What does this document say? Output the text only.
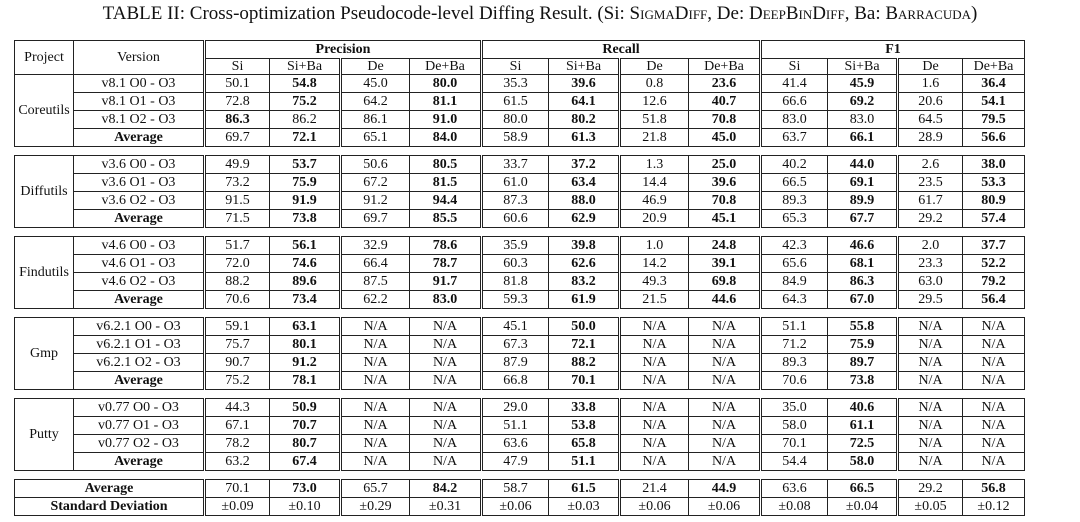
TABLE II: Cross-optimization Pseudocode-level Diffing Result. (Si: SigmaDiff, De: DeepBinDiff, Ba: Barracuda)
Project	Version	Precision				Recall				F1			
		Si	Si+Ba	De	De+Ba	Si	Si+Ba	De	De+Ba	Si	Si+Ba	De	De+Ba
Coreutils	v8.1 O0 - O3	50.1	54.8	45.0	80.0	35.3	39.6	0.8	23.6	41.4	45.9	1.6	36.4
	v8.1 O1 - O3	72.8	75.2	64.2	81.1	61.5	64.1	12.6	40.7	66.6	69.2	20.6	54.1
	v8.1 O2 - O3	86.3	86.2	86.1	91.0	80.0	80.2	51.8	70.8	83.0	83.0	64.5	79.5
	Average	69.7	72.1	65.1	84.0	58.9	61.3	21.8	45.0	63.7	66.1	28.9	56.6

Diffutils	v3.6 O0 - O3	49.9	53.7	50.6	80.5	33.7	37.2	1.3	25.0	40.2	44.0	2.6	38.0
	v3.6 O1 - O3	73.2	75.9	67.2	81.5	61.0	63.4	14.4	39.6	66.5	69.1	23.5	53.3
	v3.6 O2 - O3	91.5	91.9	91.2	94.4	87.3	88.0	46.9	70.8	89.3	89.9	61.7	80.9
	Average	71.5	73.8	69.7	85.5	60.6	62.9	20.9	45.1	65.3	67.7	29.2	57.4

Findutils	v4.6 O0 - O3	51.7	56.1	32.9	78.6	35.9	39.8	1.0	24.8	42.3	46.6	2.0	37.7
	v4.6 O1 - O3	72.0	74.6	66.4	78.7	60.3	62.6	14.2	39.1	65.6	68.1	23.3	52.2
	v4.6 O2 - O3	88.2	89.6	87.5	91.7	81.8	83.2	49.3	69.8	84.9	86.3	63.0	79.2
	Average	70.6	73.4	62.2	83.0	59.3	61.9	21.5	44.6	64.3	67.0	29.5	56.4

Gmp	v6.2.1 O0 - O3	59.1	63.1	N/A	N/A	45.1	50.0	N/A	N/A	51.1	55.8	N/A	N/A
	v6.2.1 O1 - O3	75.7	80.1	N/A	N/A	67.3	72.1	N/A	N/A	71.2	75.9	N/A	N/A
	v6.2.1 O2 - O3	90.7	91.2	N/A	N/A	87.9	88.2	N/A	N/A	89.3	89.7	N/A	N/A
	Average	75.2	78.1	N/A	N/A	66.8	70.1	N/A	N/A	70.6	73.8	N/A	N/A

Putty	v0.77 O0 - O3	44.3	50.9	N/A	N/A	29.0	33.8	N/A	N/A	35.0	40.6	N/A	N/A
	v0.77 O1 - O3	67.1	70.7	N/A	N/A	51.1	53.8	N/A	N/A	58.0	61.1	N/A	N/A
	v0.77 O2 - O3	78.2	80.7	N/A	N/A	63.6	65.8	N/A	N/A	70.1	72.5	N/A	N/A
	Average	63.2	67.4	N/A	N/A	47.9	51.1	N/A	N/A	54.4	58.0	N/A	N/A

Average		70.1	73.0	65.7	84.2	58.7	61.5	21.4	44.9	63.6	66.5	29.2	56.8
Standard Deviation		±0.09	±0.10	±0.29	±0.31	±0.06	±0.03	±0.06	±0.06	±0.08	±0.04	±0.05	±0.12
